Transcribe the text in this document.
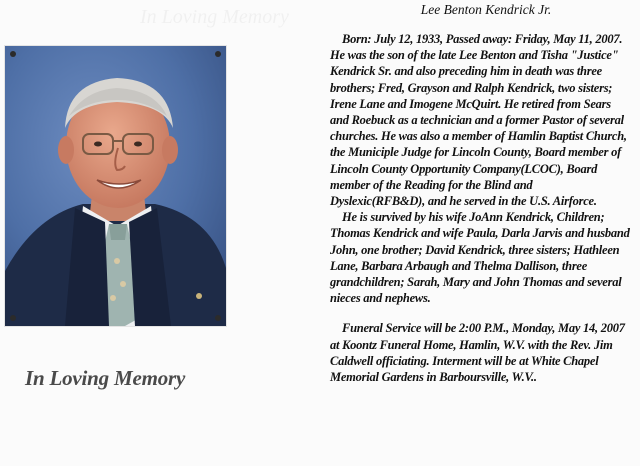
In Loving Memory
Lee Benton Kendrick Jr.

Born: July 12, 1933, Passed away: Friday, May 11, 2007. He was the son of the late Lee Benton and Tisha "Justice" Kendrick Sr. and also preceding him in death was three brothers; Fred, Grayson and Ralph Kendrick, two sisters; Irene Lane and Imogene McQuirt. He retired from Sears and Roebuck as a technician and a former Pastor of several churches. He was also a member of Hamlin Baptist Church, the Municiple Judge for Lincoln County, Board member of Lincoln County Opportunity Company(LCOC), Board member of the Reading for the Blind and Dyslexic(RFB&D), and he served in the U.S. Airforce.

He is survived by his wife JoAnn Kendrick, Children; Thomas Kendrick and wife Paula, Darla Jarvis and husband John, one brother; David Kendrick, three sisters; Hathleen Lane, Barbara Arbaugh and Thelma Dallison, three grandchildren; Sarah, Mary and John Thomas and several nieces and nephews.

Funeral Service will be 2:00 P.M., Monday, May 14, 2007 at Koontz Funeral Home, Hamlin, W.V. with the Rev. Jim Caldwell officiating. Interment will be at White Chapel Memorial Gardens in Barboursville, W.V..
